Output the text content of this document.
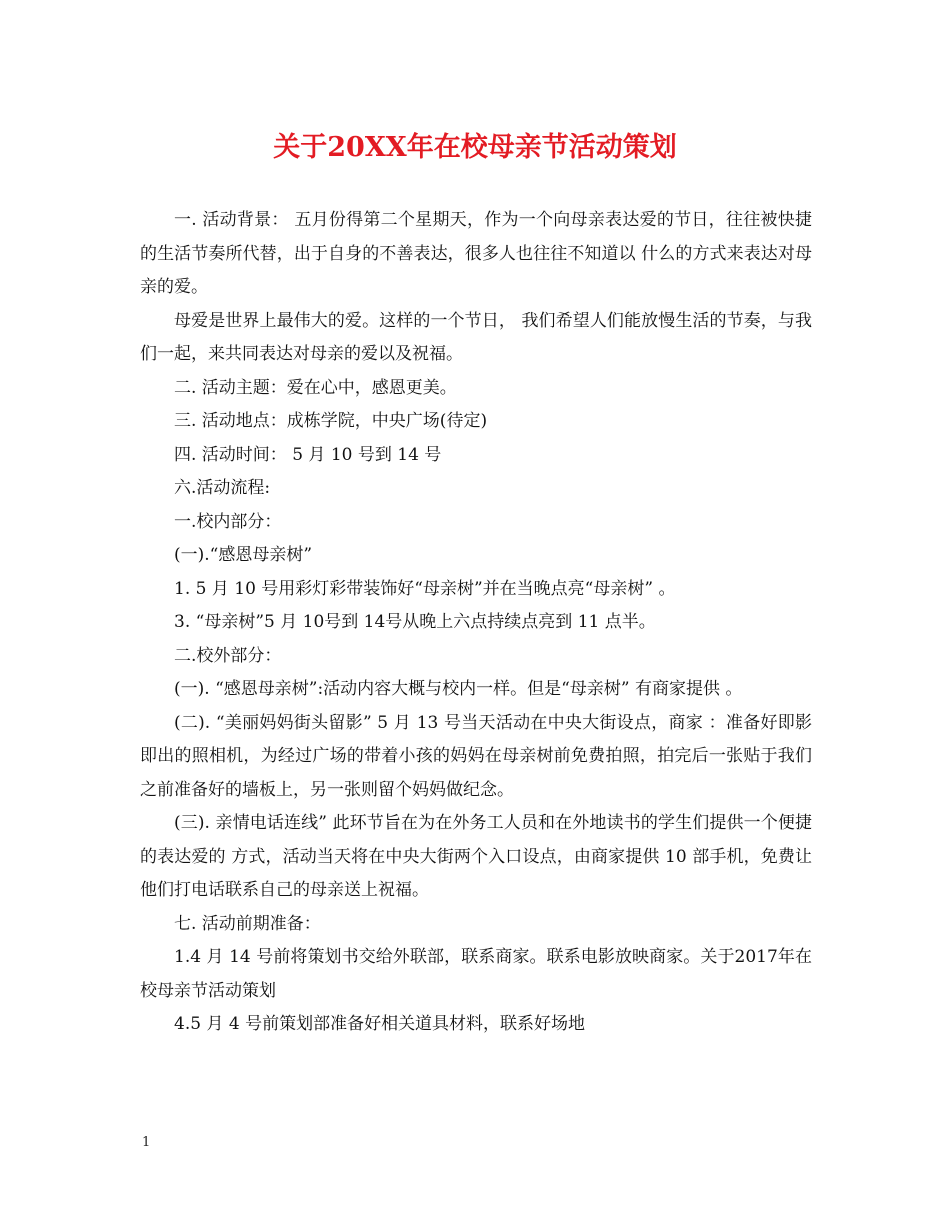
关于20XX年在校母亲节活动策划

一. 活动背景： 五月份得第二个星期天，作为一个向母亲表达爱的节日，往往被快捷的生活节奏所代替，出于自身的不善表达，很多人也往往不知道以 什么的方式来表达对母亲的爱。

母爱是世界上最伟大的爱。这样的一个节日， 我们希望人们能放慢生活的节奏，与我们一起，来共同表达对母亲的爱以及祝福。

二. 活动主题：爱在心中，感恩更美。

三. 活动地点：成栋学院，中央广场(待定)

四. 活动时间： 5 月 10 号到 14 号

六.活动流程:

一.校内部分：

(一).“感恩母亲树”

1. 5 月 10 号用彩灯彩带装饰好“母亲树”并在当晚点亮“母亲树” 。

3. “母亲树”5 月 10号到 14号从晚上六点持续点亮到 11 点半。

二.校外部分：

(一). “感恩母亲树”:活动内容大概与校内一样。但是“母亲树” 有商家提供 。

(二). “美丽妈妈街头留影” 5 月 13 号当天活动在中央大街设点，商家 ：准备好即影即出的照相机，为经过广场的带着小孩的妈妈在母亲树前免费拍照，拍完后一张贴于我们之前准备好的墙板上，另一张则留个妈妈做纪念。

(三). 亲情电话连线” 此环节旨在为在外务工人员和在外地读书的学生们提供一个便捷的表达爱的 方式，活动当天将在中央大街两个入口设点，由商家提供 10 部手机，免费让他们打电话联系自己的母亲送上祝福。

七. 活动前期准备：

1.4 月 14 号前将策划书交给外联部，联系商家。联系电影放映商家。关于2017年在校母亲节活动策划

4.5 月 4 号前策划部准备好相关道具材料，联系好场地

1
